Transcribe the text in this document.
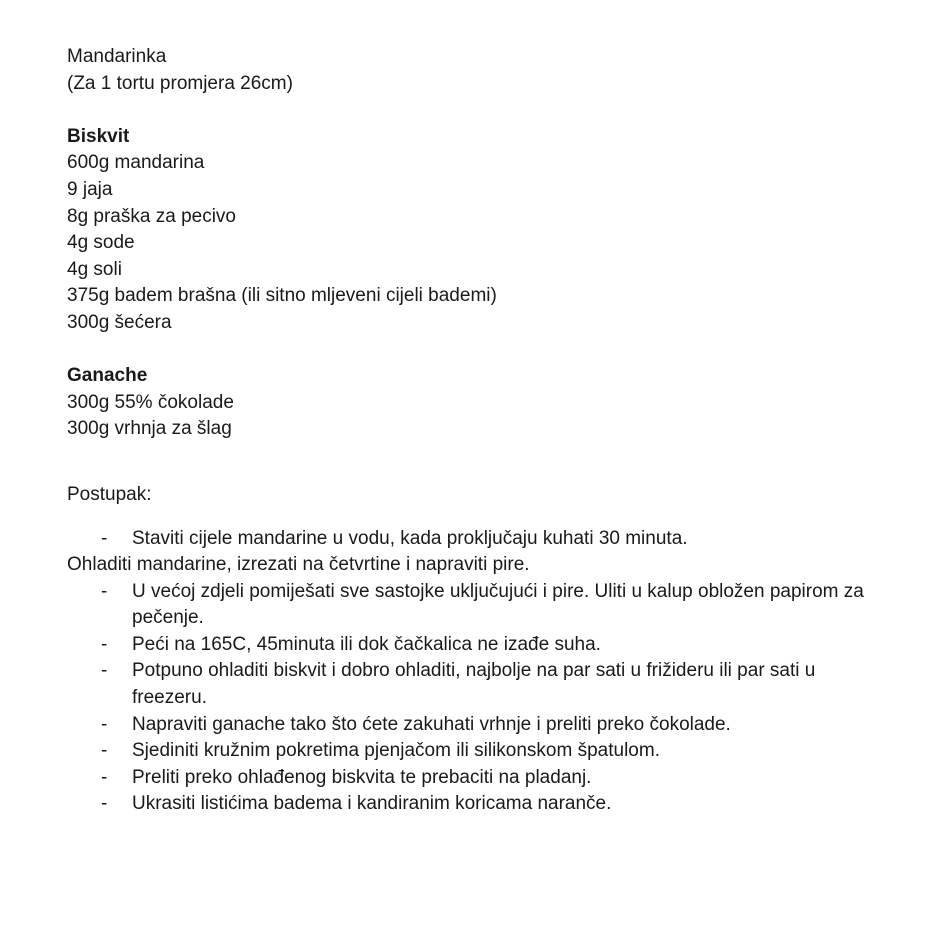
Mandarinka

(Za 1 tortu promjera 26cm)

Biskvit

600g mandarina

9 jaja

8g praška za pecivo

4g sode

4g soli

375g badem brašna (ili sitno mljeveni cijeli bademi)

300g šećera

Ganache

300g 55% čokolade

300g vrhnja za šlag

Postupak:

- Staviti cijele mandarine u vodu, kada proključaju kuhati 30 minuta.

Ohladiti mandarine, izrezati na četvrtine i napraviti pire.

- U većoj zdjeli pomiješati sve sastojke uključujući i pire. Uliti u kalup obložen papirom za pečenje.
- Peći na 165C, 45minuta ili dok čačkalica ne izađe suha.
- Potpuno ohladiti biskvit i dobro ohladiti, najbolje na par sati u frižideru ili par sati u freezeru.
- Napraviti ganache tako što ćete zakuhati vrhnje i preliti preko čokolade.
- Sjediniti kružnim pokretima pjenjačom ili silikonskom špatulom.
- Preliti preko ohlađenog biskvita te prebaciti na pladanj.
- Ukrasiti listićima badema i kandiranim koricama naranče.
